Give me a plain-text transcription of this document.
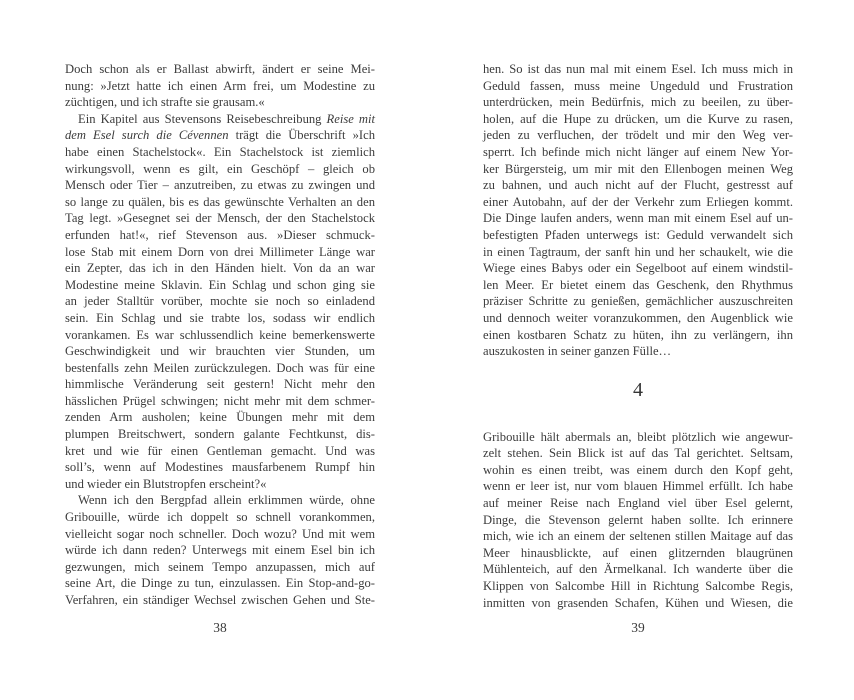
Doch schon als er Ballast abwirft, ändert er seine Mei-
nung: »Jetzt hatte ich einen Arm frei, um Modestine zu
züchtigen, und ich strafte sie grausam.«
Ein Kapitel aus Stevensons Reisebeschreibung Reise mit
dem Esel surch die Cévennen trägt die Überschrift »Ich
habe einen Stachelstock«. Ein Stachelstock ist ziemlich
wirkungsvoll, wenn es gilt, ein Geschöpf – gleich ob
Mensch oder Tier – anzutreiben, zu etwas zu zwingen und
so lange zu quälen, bis es das gewünschte Verhalten an den
Tag legt. »Gesegnet sei der Mensch, der den Stachelstock
erfunden hat!«, rief Stevenson aus. »Dieser schmuck-
lose Stab mit einem Dorn von drei Millimeter Länge war
ein Zepter, das ich in den Händen hielt. Von da an war
Modestine meine Sklavin. Ein Schlag und schon ging sie
an jeder Stalltür vorüber, mochte sie noch so einladend
sein. Ein Schlag und sie trabte los, sodass wir endlich
vorankamen. Es war schlussendlich keine bemerkenswerte
Geschwindigkeit und wir brauchten vier Stunden, um
bestenfalls zehn Meilen zurückzulegen. Doch was für eine
himmlische Veränderung seit gestern! Nicht mehr den
hässlichen Prügel schwingen; nicht mehr mit dem schmer-
zenden Arm ausholen; keine Übungen mehr mit dem
plumpen Breitschwert, sondern galante Fechtkunst, dis-
kret und wie für einen Gentleman gemacht. Und was
soll’s, wenn auf Modestines mausfarbenem Rumpf hin
und wieder ein Blutstropfen erscheint?«
Wenn ich den Bergpfad allein erklimmen würde, ohne
Gribouille, würde ich doppelt so schnell vorankommen,
vielleicht sogar noch schneller. Doch wozu? Und mit wem
würde ich dann reden? Unterwegs mit einem Esel bin ich
gezwungen, mich seinem Tempo anzupassen, mich auf
seine Art, die Dinge zu tun, einzulassen. Ein Stop-and-go-
Verfahren, ein ständiger Wechsel zwischen Gehen und Ste-
38
hen. So ist das nun mal mit einem Esel. Ich muss mich in
Geduld fassen, muss meine Ungeduld und Frustration
unterdrücken, mein Bedürfnis, mich zu beeilen, zu über-
holen, auf die Hupe zu drücken, um die Kurve zu rasen,
jeden zu verfluchen, der trödelt und mir den Weg ver-
sperrt. Ich befinde mich nicht länger auf einem New Yor-
ker Bürgersteig, um mir mit den Ellenbogen meinen Weg
zu bahnen, und auch nicht auf der Flucht, gestresst auf
einer Autobahn, auf der der Verkehr zum Erliegen kommt.
Die Dinge laufen anders, wenn man mit einem Esel auf un-
befestigten Pfaden unterwegs ist: Geduld verwandelt sich
in einen Tagtraum, der sanft hin und her schaukelt, wie die
Wiege eines Babys oder ein Segelboot auf einem windstil-
len Meer. Er bietet einem das Geschenk, den Rhythmus
präziser Schritte zu genießen, gemächlicher auszuschreiten
und dennoch weiter voranzukommen, den Augenblick wie
einen kostbaren Schatz zu hüten, ihn zu verlängern, ihn
auszukosten in seiner ganzen Fülle…
4
Gribouille hält abermals an, bleibt plötzlich wie angewur-
zelt stehen. Sein Blick ist auf das Tal gerichtet. Seltsam,
wohin es einen treibt, was einem durch den Kopf geht,
wenn er leer ist, nur vom blauen Himmel erfüllt. Ich habe
auf meiner Reise nach England viel über Esel gelernt,
Dinge, die Stevenson gelernt haben sollte. Ich erinnere
mich, wie ich an einem der seltenen stillen Maitage auf das
Meer hinausblickte, auf einen glitzernden blaugrünen
Mühlenteich, auf den Ärmelkanal. Ich wanderte über die
Klippen von Salcombe Hill in Richtung Salcombe Regis,
inmitten von grasenden Schafen, Kühen und Wiesen, die
39
